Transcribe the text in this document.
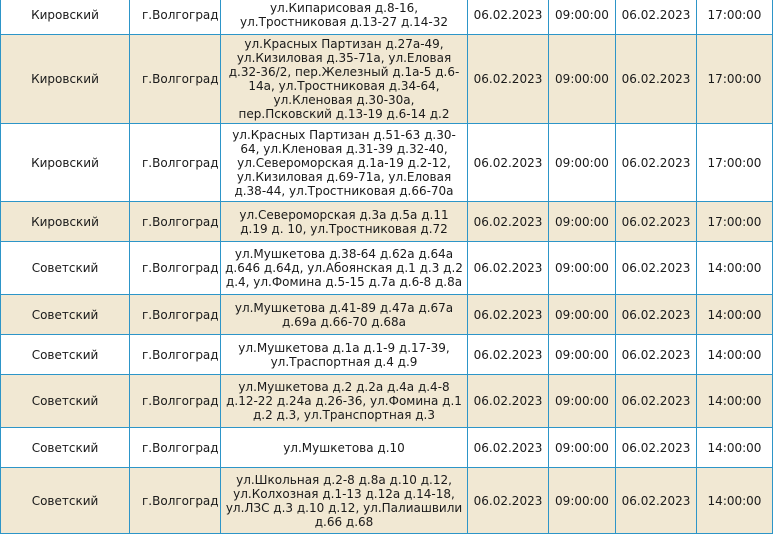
Кировский	г.Волгоград	ул.Кипарисовая д.8-16, ул.Тростниковая д.13-27 д.14-32	06.02.2023	09:00:00	06.02.2023	17:00:00
Кировский	г.Волгоград	ул.Красных Партизан д.27а-49, ул.Кизиловая д.35-71а, ул.Еловая д.32-36/2, пер.Железный д.1а-5 д.6-14а, ул.Тростниковая д.34-64, ул.Кленовая д.30-30а, пер.Псковский д.13-19 д.6-14 д.2	06.02.2023	09:00:00	06.02.2023	17:00:00
Кировский	г.Волгоград	ул.Красных Партизан д.51-63 д.30-64, ул.Кленовая д.31-39 д.32-40, ул.Североморская д.1а-19 д.2-12, ул.Кизиловая д.69-71а, ул.Еловая д.38-44, ул.Тростниковая д.66-70а	06.02.2023	09:00:00	06.02.2023	17:00:00
Кировский	г.Волгоград	ул.Североморская д.3а д.5а д.11 д.19 д. 10, ул.Тростниковая д.72	06.02.2023	09:00:00	06.02.2023	17:00:00
Советский	г.Волгоград	ул.Мушкетова д.38-64 д.62а д.64а д.646 д.64д, ул.Абоянская д.1 д.3 д.2 д.4, ул.Фомина д.5-15 д.7а д.6-8 д.8а	06.02.2023	09:00:00	06.02.2023	14:00:00
Советский	г.Волгоград	ул.Мушкетова д.41-89 д.47а д.67а д.69а д.66-70 д.68а	06.02.2023	09:00:00	06.02.2023	14:00:00
Советский	г.Волгоград	ул.Мушкетова д.1а д.1-9 д.17-39, ул.Траспортная д.4 д.9	06.02.2023	09:00:00	06.02.2023	14:00:00
Советский	г.Волгоград	ул.Мушкетова д.2 д.2а д.4а д.4-8 д.12-22 д.24а д.26-36, ул.Фомина д.1 д.2 д.3, ул.Транспортная д.3	06.02.2023	09:00:00	06.02.2023	14:00:00
Советский	г.Волгоград	ул.Мушкетова д.10	06.02.2023	09:00:00	06.02.2023	14:00:00
Советский	г.Волгоград	ул.Школьная д.2-8 д.8а д.10 д.12, ул.Колхозная д.1-13 д.12а д.14-18, ул.ЛЗС д.3 д.10 д.12, ул.Палиашвили д.66 д.68	06.02.2023	09:00:00	06.02.2023	14:00:00
